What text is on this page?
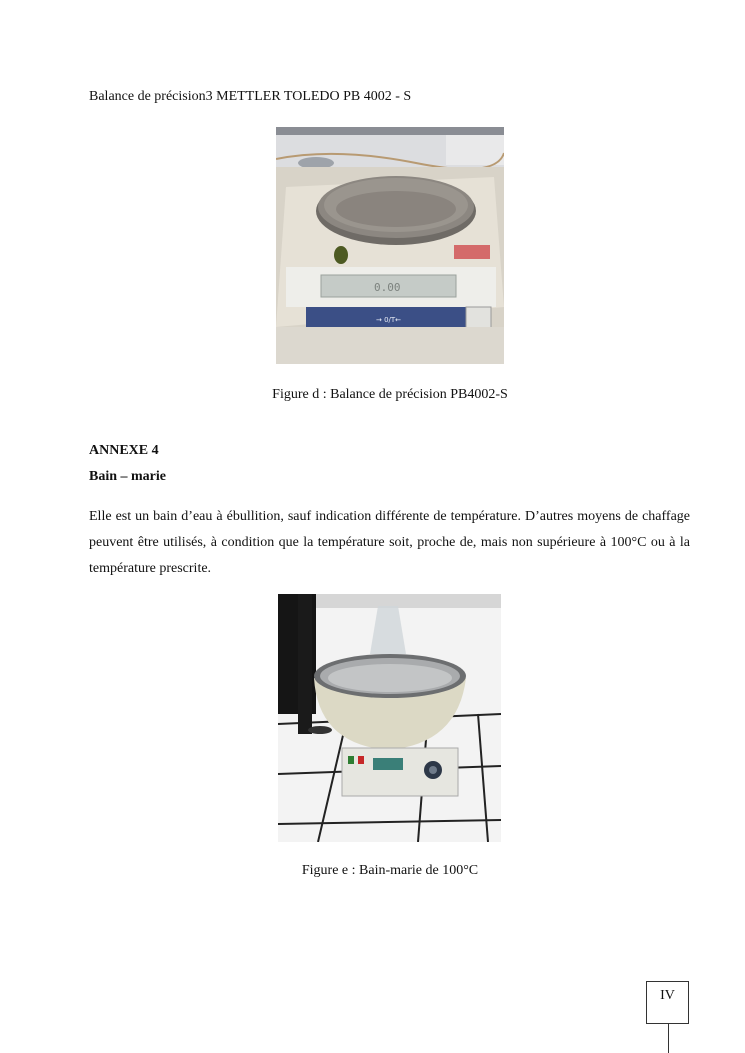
Balance de précision3 METTLER TOLEDO PB 4002 - S
0.00
→ 0/T←
Figure d : Balance de précision PB4002-S
ANNEXE 4
Bain – marie
Elle est un bain d’eau à ébullition, sauf indication différente de température. D’autres moyens de chaffage peuvent être utilisés, à condition que la température soit, proche de, mais non supérieure à 100°C ou à la température prescrite.
Figure e : Bain-marie de 100°C
IV
